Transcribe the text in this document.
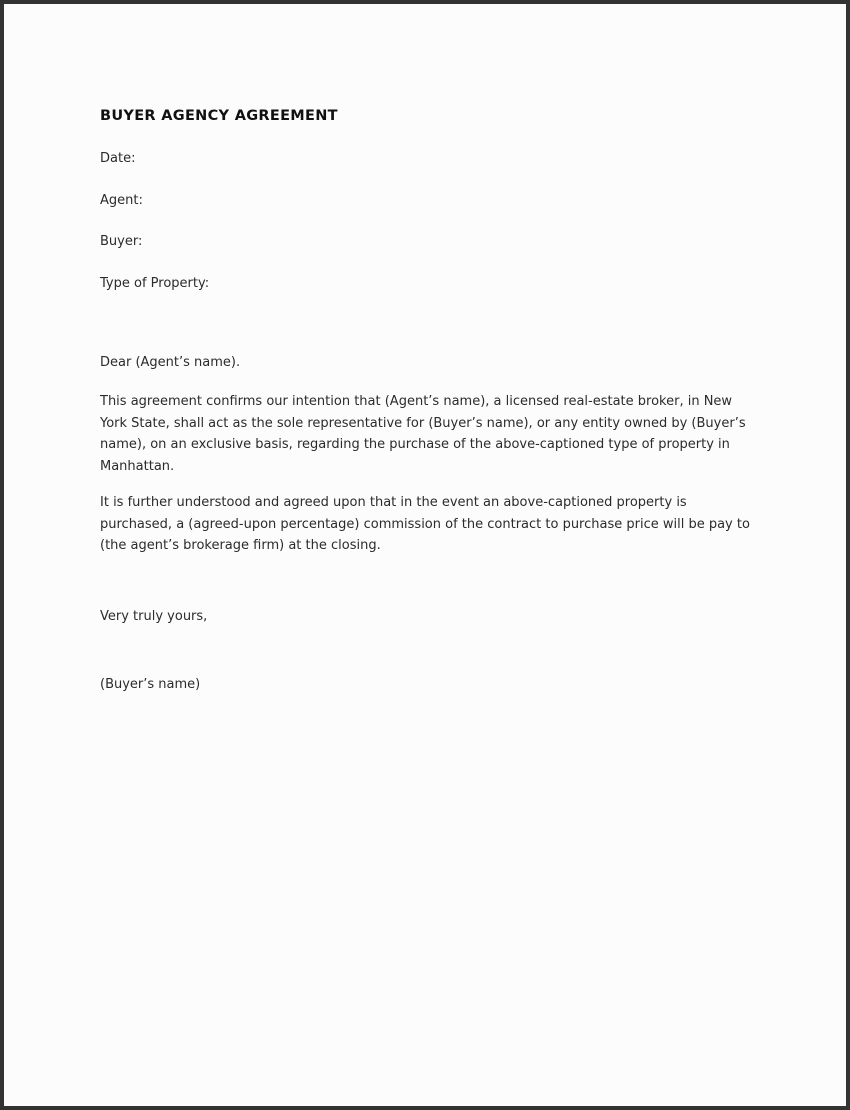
BUYER AGENCY AGREEMENT

Date:

Agent:

Buyer:

Type of Property:

Dear (Agent’s name).

This agreement confirms our intention that (Agent’s name), a licensed real-estate broker, in New York State, shall act as the sole representative for (Buyer’s name), or any entity owned by (Buyer’s name), on an exclusive basis, regarding the purchase of the above-captioned type of property in Manhattan.

It is further understood and agreed upon that in the event an above-captioned property is purchased, a (agreed-upon percentage) commission of the contract to purchase price will be pay to (the agent’s brokerage firm) at the closing.

Very truly yours,

(Buyer’s name)
